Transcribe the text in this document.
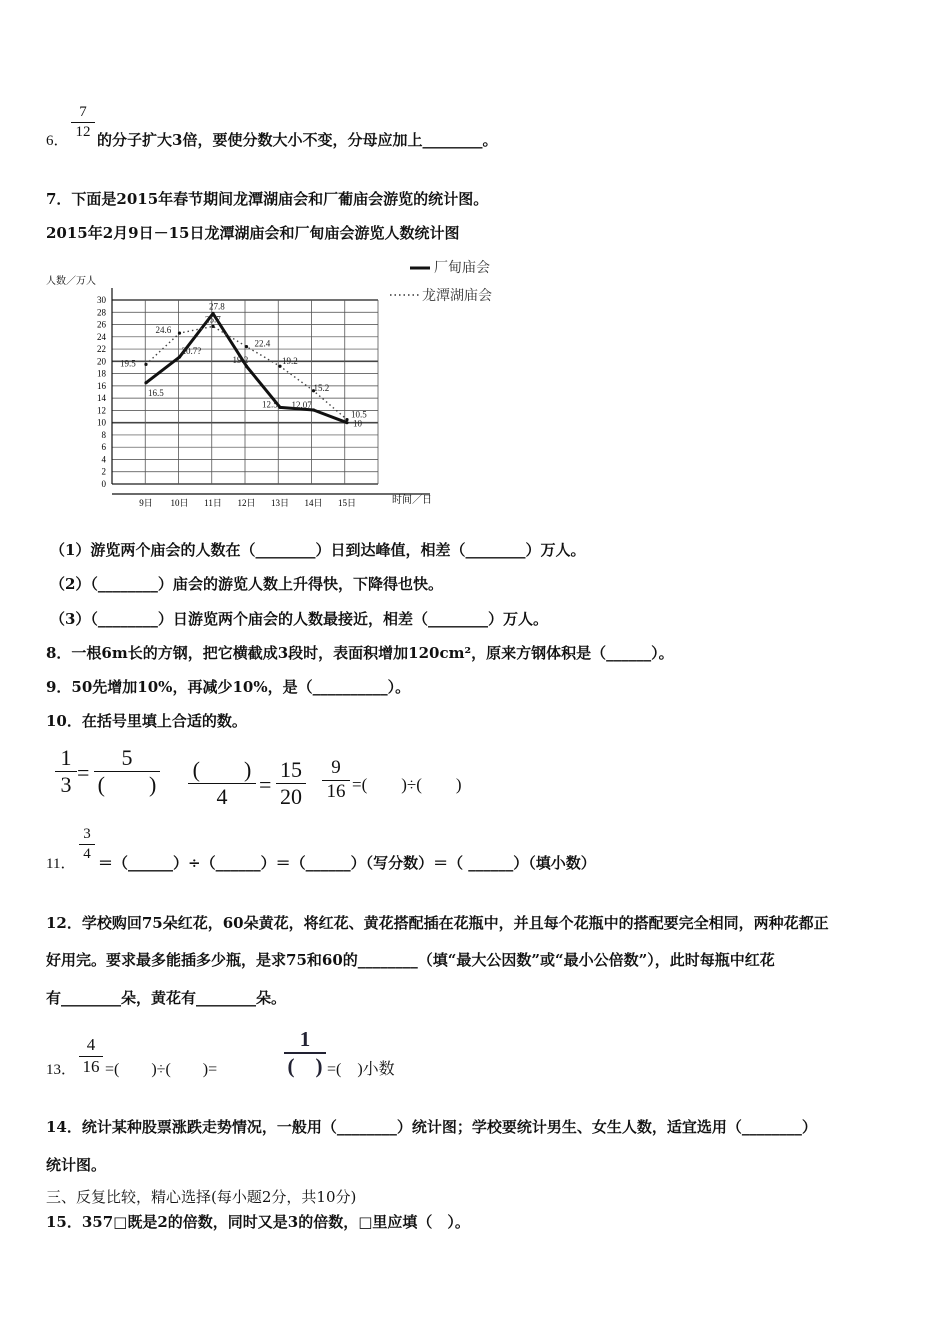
6．
7
12 的分子扩大3倍，要使分数大小不变，分母应加上________。
7．下面是2015年春节期间龙潭湖庙会和厂葡庙会游览的统计图。
2015年2月9日－15日龙潭湖庙会和厂甸庙会游览人数统计图
0
2
4
6
8
10
12
14
16
18
20
22
24
26
28
30
9日 10日 11日 12日 13日 14日 15日
16.5
20.7?
27.8
19.2
12.5 12.07
10
19.5
24.6
25.7
22.4
19.2
15.2
10.5
人数／万人
时间／日
厂甸庙会
龙潭湖庙会
（1）游览两个庙会的人数在（________）日到达峰值，相差（________）万人。
（2）（________）庙会的游览人数上升得快，下降得也快。
（3）（________）日游览两个庙会的人数最接近，相差（________）万人。
8．一根6m长的方钢，把它横截成3段时，表面积增加120cm²，原来方钢体积是（______）。
9．50先增加10%，再减少10%，是（__________）。
10．在括号里填上合适的数。
1
3 =
5
(　　)
(　　)
4	=
15
20
9
16 =(　　)÷(　　)
11．
3
4
＝（______）÷（______）＝（______）（写分数）＝（ ______）（填小数）
12．学校购回75朵红花，60朵黄花，将红花、黄花搭配插在花瓶中，并且每个花瓶中的搭配要完全相同，两种花都正
好用完。要求最多能插多少瓶，是求75和60的________（填“最大公因数”或“最小公倍数”），此时每瓶中红花
有________朵，黄花有________朵。
13．
4
16 =(　　)÷(　　)=
1
(　) =(　)小数
14．统计某种股票涨跌走势情况，一般用（________）统计图；学校要统计男生、女生人数，适宜选用（________）
统计图。
三、反复比较，精心选择(每小题2分，共10分)
15．357□既是2的倍数，同时又是3的倍数，□里应填（　）。
